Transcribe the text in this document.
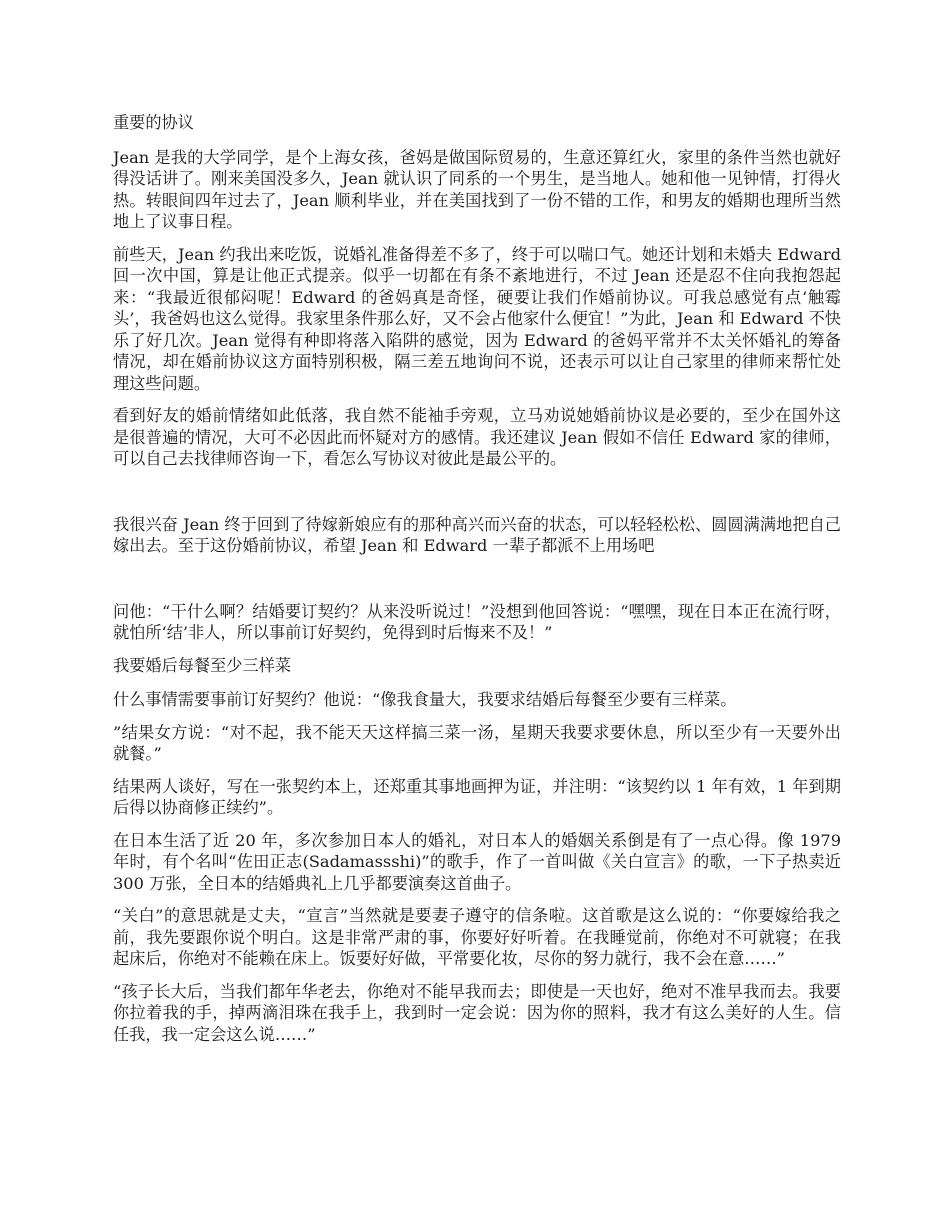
重要的协议

Jean 是我的大学同学，是个上海女孩，爸妈是做国际贸易的，生意还算红火，家里的条件当然也就好得没话讲了。刚来美国没多久，Jean 就认识了同系的一个男生，是当地人。她和他一见钟情，打得火热。转眼间四年过去了，Jean 顺利毕业，并在美国找到了一份不错的工作，和男友的婚期也理所当然地上了议事日程。

前些天，Jean 约我出来吃饭，说婚礼准备得差不多了，终于可以喘口气。她还计划和未婚夫 Edward 回一次中国，算是让他正式提亲。似乎一切都在有条不紊地进行，不过 Jean 还是忍不住向我抱怨起来：“我最近很郁闷呢！Edward 的爸妈真是奇怪，硬要让我们作婚前协议。可我总感觉有点‘触霉头’，我爸妈也这么觉得。我家里条件那么好，又不会占他家什么便宜！”为此，Jean 和 Edward 不快乐了好几次。Jean 觉得有种即将落入陷阱的感觉，因为 Edward 的爸妈平常并不太关怀婚礼的筹备情况，却在婚前协议这方面特别积极，隔三差五地询问不说，还表示可以让自己家里的律师来帮忙处理这些问题。

看到好友的婚前情绪如此低落，我自然不能袖手旁观，立马劝说她婚前协议是必要的，至少在国外这是很普遍的情况，大可不必因此而怀疑对方的感情。我还建议 Jean 假如不信任 Edward 家的律师，可以自己去找律师咨询一下，看怎么写协议对彼此是最公平的。

我很兴奋 Jean 终于回到了待嫁新娘应有的那种高兴而兴奋的状态，可以轻轻松松、圆圆满满地把自己嫁出去。至于这份婚前协议，希望 Jean 和 Edward 一辈子都派不上用场吧

问他：“干什么啊？结婚要订契约？从来没听说过！”没想到他回答说：“嘿嘿，现在日本正在流行呀，就怕所‘结’非人，所以事前订好契约，免得到时后悔来不及！”

我要婚后每餐至少三样菜

什么事情需要事前订好契约？他说：“像我食量大，我要求结婚后每餐至少要有三样菜。

”结果女方说：“对不起，我不能天天这样搞三菜一汤，星期天我要求要休息，所以至少有一天要外出就餐。”

结果两人谈好，写在一张契约本上，还郑重其事地画押为证，并注明：“该契约以 1 年有效，1 年到期后得以协商修正续约”。

在日本生活了近 20 年，多次参加日本人的婚礼，对日本人的婚姻关系倒是有了一点心得。像 1979 年时，有个名叫“佐田正志(Sadamassshi)”的歌手，作了一首叫做《关白宣言》的歌，一下子热卖近 300 万张，全日本的结婚典礼上几乎都要演奏这首曲子。

“关白”的意思就是丈夫，“宣言”当然就是要妻子遵守的信条啦。这首歌是这么说的：“你要嫁给我之前，我先要跟你说个明白。这是非常严肃的事，你要好好听着。在我睡觉前，你绝对不可就寝；在我起床后，你绝对不能赖在床上。饭要好好做，平常要化妆，尽你的努力就行，我不会在意……”

“孩子长大后，当我们都年华老去，你绝对不能早我而去；即使是一天也好，绝对不准早我而去。我要你拉着我的手，掉两滴泪珠在我手上，我到时一定会说：因为你的照料，我才有这么美好的人生。信任我，我一定会这么说……”
